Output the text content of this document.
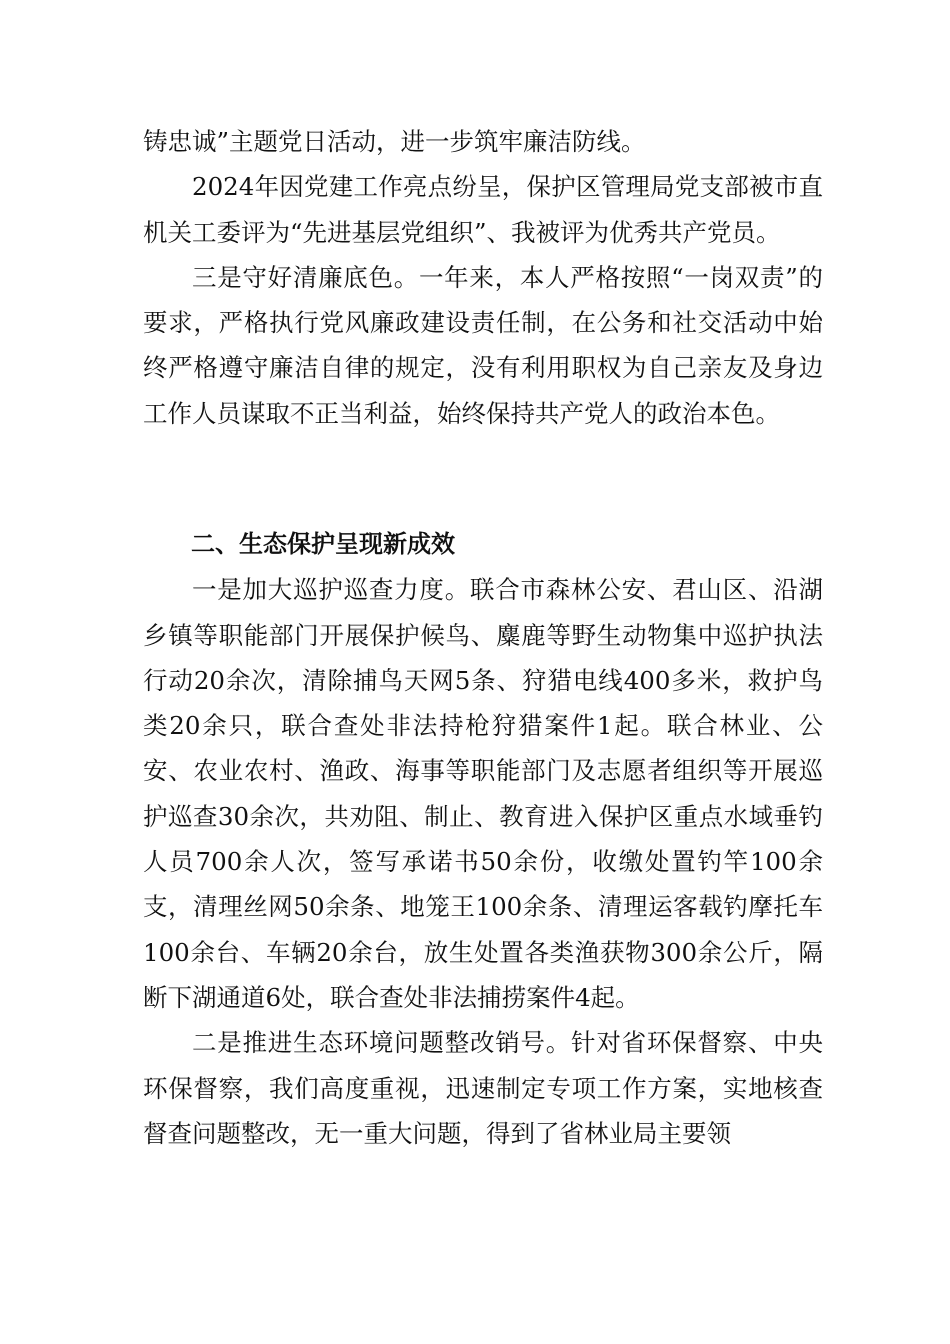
铸忠诚”主题党日活动，进一步筑牢廉洁防线。

2024年因党建工作亮点纷呈，保护区管理局党支部被市直机关工委评为“先进基层党组织”、我被评为优秀共产党员。

三是守好清廉底色。一年来，本人严格按照“一岗双责”的要求，严格执行党风廉政建设责任制，在公务和社交活动中始终严格遵守廉洁自律的规定，没有利用职权为自己亲友及身边工作人员谋取不正当利益，始终保持共产党人的政治本色。

二、生态保护呈现新成效

一是加大巡护巡查力度。联合市森林公安、君山区、沿湖乡镇等职能部门开展保护候鸟、麋鹿等野生动物集中巡护执法行动20余次，清除捕鸟天网5条、狩猎电线400多米，救护鸟类20余只，联合查处非法持枪狩猎案件1起。联合林业、公安、农业农村、渔政、海事等职能部门及志愿者组织等开展巡护巡查30余次，共劝阻、制止、教育进入保护区重点水域垂钓人员700余人次，签写承诺书50余份，收缴处置钓竿100余支，清理丝网50余条、地笼王100余条、清理运客载钓摩托车100余台、车辆20余台，放生处置各类渔获物300余公斤，隔断下湖通道6处，联合查处非法捕捞案件4起。

二是推进生态环境问题整改销号。针对省环保督察、中央环保督察，我们高度重视，迅速制定专项工作方案，实地核查督查问题整改，无一重大问题，得到了省林业局主要领
